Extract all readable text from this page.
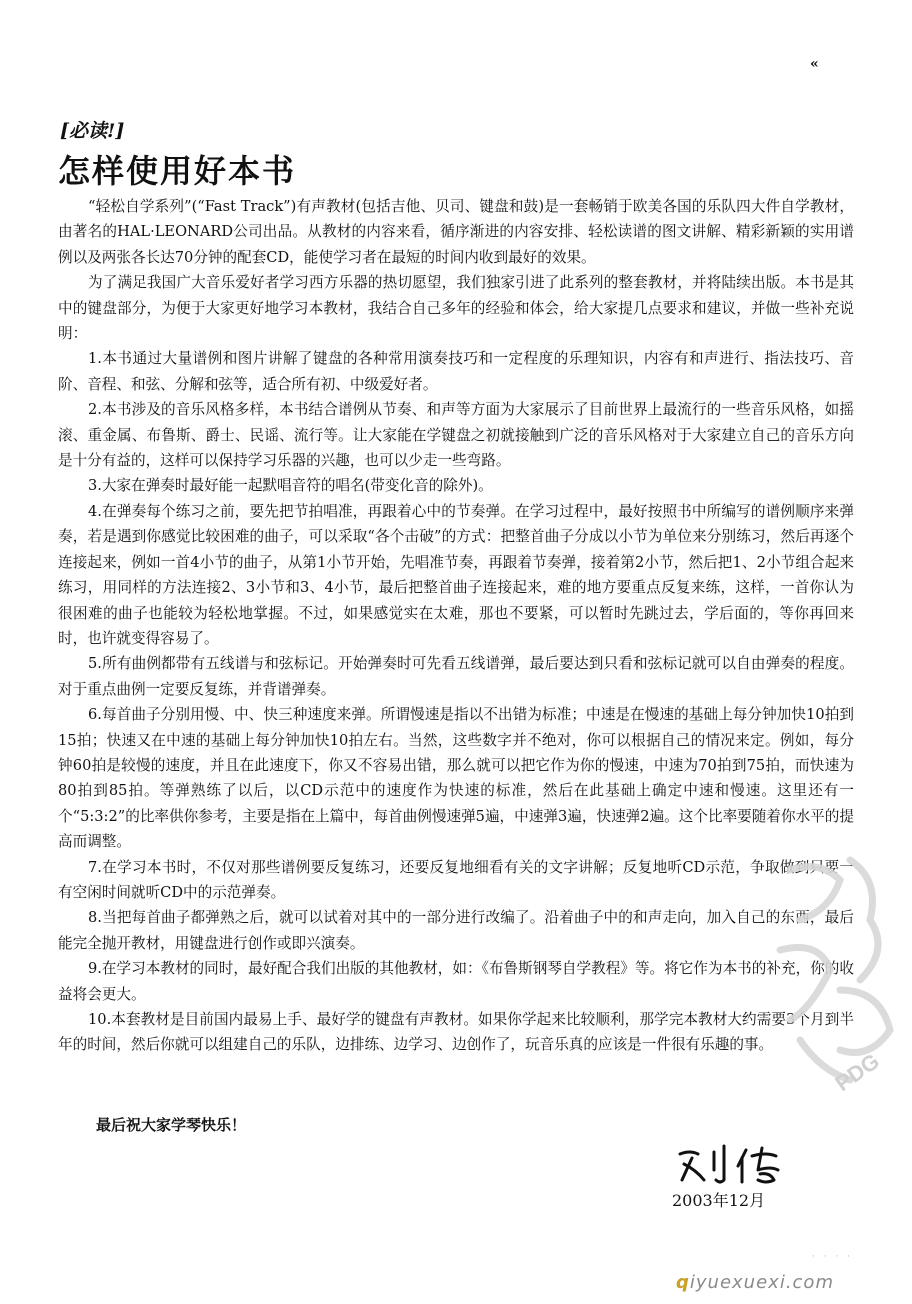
«
[必读!]
怎样使用好本书

“轻松自学系列”(“Fast Track”)有声教材(包括吉他、贝司、键盘和鼓)是一套畅销于欧美各国的乐队四大件自学教材，由著名的HAL·LEONARD公司出品。从教材的内容来看，循序渐进的内容安排、轻松读谱的图文讲解、精彩新颖的实用谱例以及两张各长达70分钟的配套CD，能使学习者在最短的时间内收到最好的效果。

为了满足我国广大音乐爱好者学习西方乐器的热切愿望，我们独家引进了此系列的整套教材，并将陆续出版。本书是其中的键盘部分，为便于大家更好地学习本教材，我结合自己多年的经验和体会，给大家提几点要求和建议，并做一些补充说明：

1.本书通过大量谱例和图片讲解了键盘的各种常用演奏技巧和一定程度的乐理知识，内容有和声进行、指法技巧、音阶、音程、和弦、分解和弦等，适合所有初、中级爱好者。

2.本书涉及的音乐风格多样，本书结合谱例从节奏、和声等方面为大家展示了目前世界上最流行的一些音乐风格，如摇滚、重金属、布鲁斯、爵士、民谣、流行等。让大家能在学键盘之初就接触到广泛的音乐风格对于大家建立自己的音乐方向是十分有益的，这样可以保持学习乐器的兴趣，也可以少走一些弯路。

3.大家在弹奏时最好能一起默唱音符的唱名(带变化音的除外)。

4.在弹奏每个练习之前，要先把节拍唱准，再跟着心中的节奏弹。在学习过程中，最好按照书中所编写的谱例顺序来弹奏，若是遇到你感觉比较困难的曲子，可以采取“各个击破”的方式：把整首曲子分成以小节为单位来分别练习，然后再逐个连接起来，例如一首4小节的曲子，从第1小节开始，先唱准节奏，再跟着节奏弹，接着第2小节，然后把1、2小节组合起来练习，用同样的方法连接2、3小节和3、4小节，最后把整首曲子连接起来，难的地方要重点反复来练，这样，一首你认为很困难的曲子也能较为轻松地掌握。不过，如果感觉实在太难，那也不要紧，可以暂时先跳过去，学后面的，等你再回来时，也许就变得容易了。

5.所有曲例都带有五线谱与和弦标记。开始弹奏时可先看五线谱弹，最后要达到只看和弦标记就可以自由弹奏的程度。对于重点曲例一定要反复练，并背谱弹奏。

6.每首曲子分别用慢、中、快三种速度来弹。所谓慢速是指以不出错为标准；中速是在慢速的基础上每分钟加快10拍到15拍；快速又在中速的基础上每分钟加快10拍左右。当然，这些数字并不绝对，你可以根据自己的情况来定。例如，每分钟60拍是较慢的速度，并且在此速度下，你又不容易出错，那么就可以把它作为你的慢速，中速为70拍到75拍，而快速为80拍到85拍。等弹熟练了以后，以CD示范中的速度作为快速的标准，然后在此基础上确定中速和慢速。这里还有一个“5:3:2”的比率供你参考，主要是指在上篇中，每首曲例慢速弹5遍，中速弹3遍，快速弹2遍。这个比率要随着你水平的提高而调整。

7.在学习本书时，不仅对那些谱例要反复练习，还要反复地细看有关的文字讲解；反复地听CD示范，争取做到只要一有空闲时间就听CD中的示范弹奏。

8.当把每首曲子都弹熟之后，就可以试着对其中的一部分进行改编了。沿着曲子中的和声走向，加入自己的东西，最后能完全抛开教材，用键盘进行创作或即兴演奏。

9.在学习本教材的同时，最好配合我们出版的其他教材，如：《布鲁斯钢琴自学教程》等。将它作为本书的补充，你的收益将会更大。

10.本套教材是目前国内最易上手、最好学的键盘有声教材。如果你学起来比较顺利，那学完本教材大约需要3个月到半年的时间，然后你就可以组建自己的乐队，边排练、边学习、边创作了，玩音乐真的应该是一件很有乐趣的事。

最后祝大家学琴快乐！
2003年12月
PDG
· · · ·
qiyuexuexi.com
